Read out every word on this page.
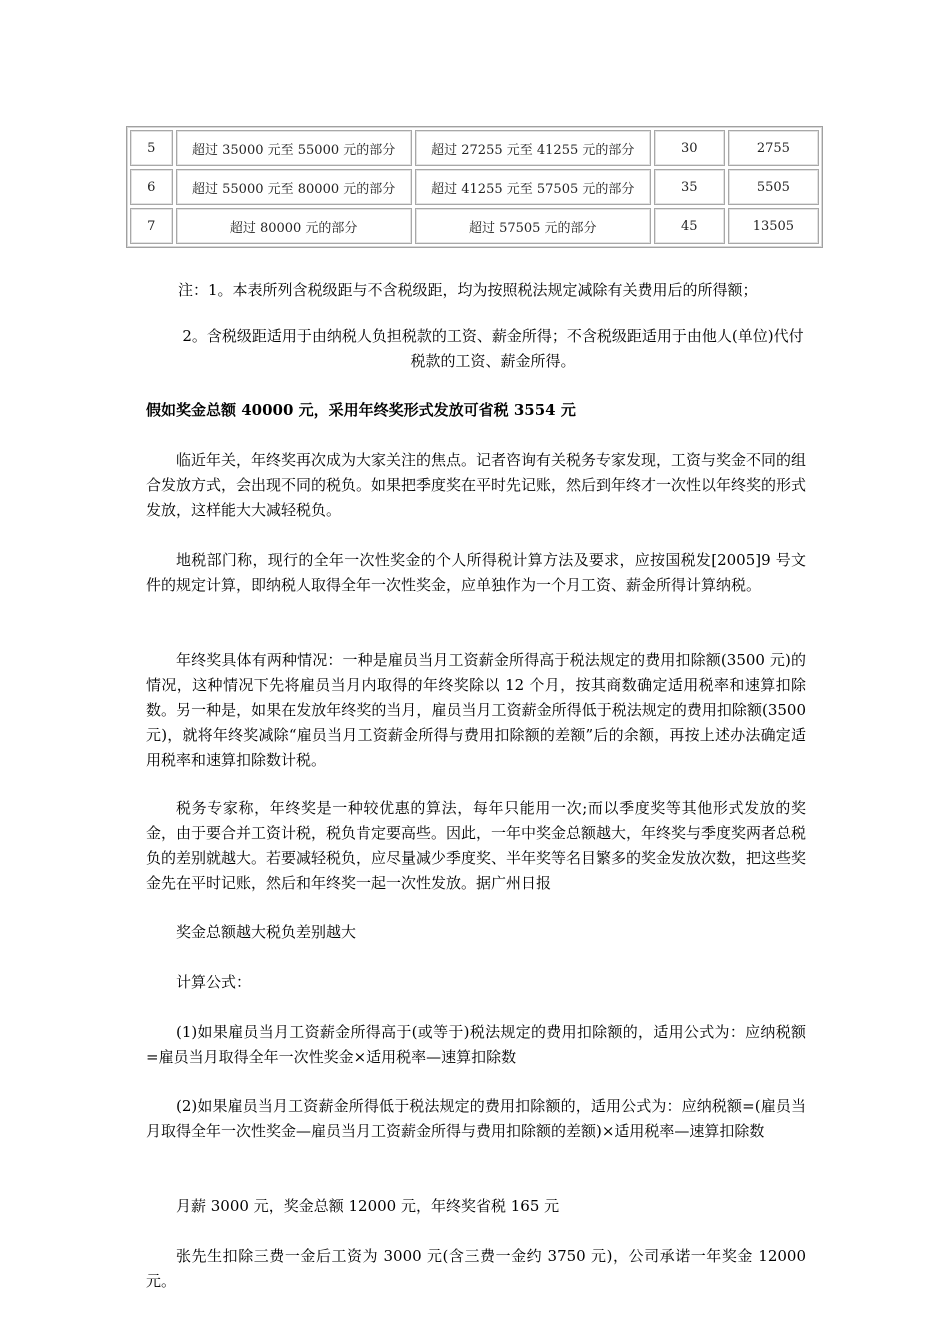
5	超过 35000 元至 55000 元的部分	超过 27255 元至 41255 元的部分	30	2755
6	超过 55000 元至 80000 元的部分	超过 41255 元至 57505 元的部分	35	5505
7	超过 80000 元的部分	超过 57505 元的部分	45	13505
注：1。本表所列含税级距与不含税级距，均为按照税法规定减除有关费用后的所得额；
2。含税级距适用于由纳税人负担税款的工资、薪金所得；不含税级距适用于由他人(单位)代付税款的工资、薪金所得。
假如奖金总额 40000 元，采用年终奖形式发放可省税 3554 元
临近年关，年终奖再次成为大家关注的焦点。记者咨询有关税务专家发现，工资与奖金不同的组合发放方式，会出现不同的税负。如果把季度奖在平时先记账，然后到年终才一次性以年终奖的形式发放，这样能大大减轻税负。
地税部门称，现行的全年一次性奖金的个人所得税计算方法及要求，应按国税发[2005]9 号文件的规定计算，即纳税人取得全年一次性奖金，应单独作为一个月工资、薪金所得计算纳税。
年终奖具体有两种情况：一种是雇员当月工资薪金所得高于税法规定的费用扣除额(3500 元)的情况，这种情况下先将雇员当月内取得的年终奖除以 12 个月，按其商数确定适用税率和速算扣除数。另一种是，如果在发放年终奖的当月，雇员当月工资薪金所得低于税法规定的费用扣除额(3500 元)，就将年终奖减除“雇员当月工资薪金所得与费用扣除额的差额”后的余额，再按上述办法确定适用税率和速算扣除数计税。
税务专家称，年终奖是一种较优惠的算法，每年只能用一次;而以季度奖等其他形式发放的奖金，由于要合并工资计税，税负肯定要高些。因此，一年中奖金总额越大，年终奖与季度奖两者总税负的差别就越大。若要减轻税负，应尽量减少季度奖、半年奖等名目繁多的奖金发放次数，把这些奖金先在平时记账，然后和年终奖一起一次性发放。据广州日报
奖金总额越大税负差别越大
计算公式：
(1)如果雇员当月工资薪金所得高于(或等于)税法规定的费用扣除额的，适用公式为：应纳税额=雇员当月取得全年一次性奖金×适用税率—速算扣除数
(2)如果雇员当月工资薪金所得低于税法规定的费用扣除额的，适用公式为：应纳税额=(雇员当月取得全年一次性奖金—雇员当月工资薪金所得与费用扣除额的差额)×适用税率—速算扣除数
月薪 3000 元，奖金总额 12000 元，年终奖省税 165 元
张先生扣除三费一金后工资为 3000 元(含三费一金约 3750 元)，公司承诺一年奖金 12000 元。
